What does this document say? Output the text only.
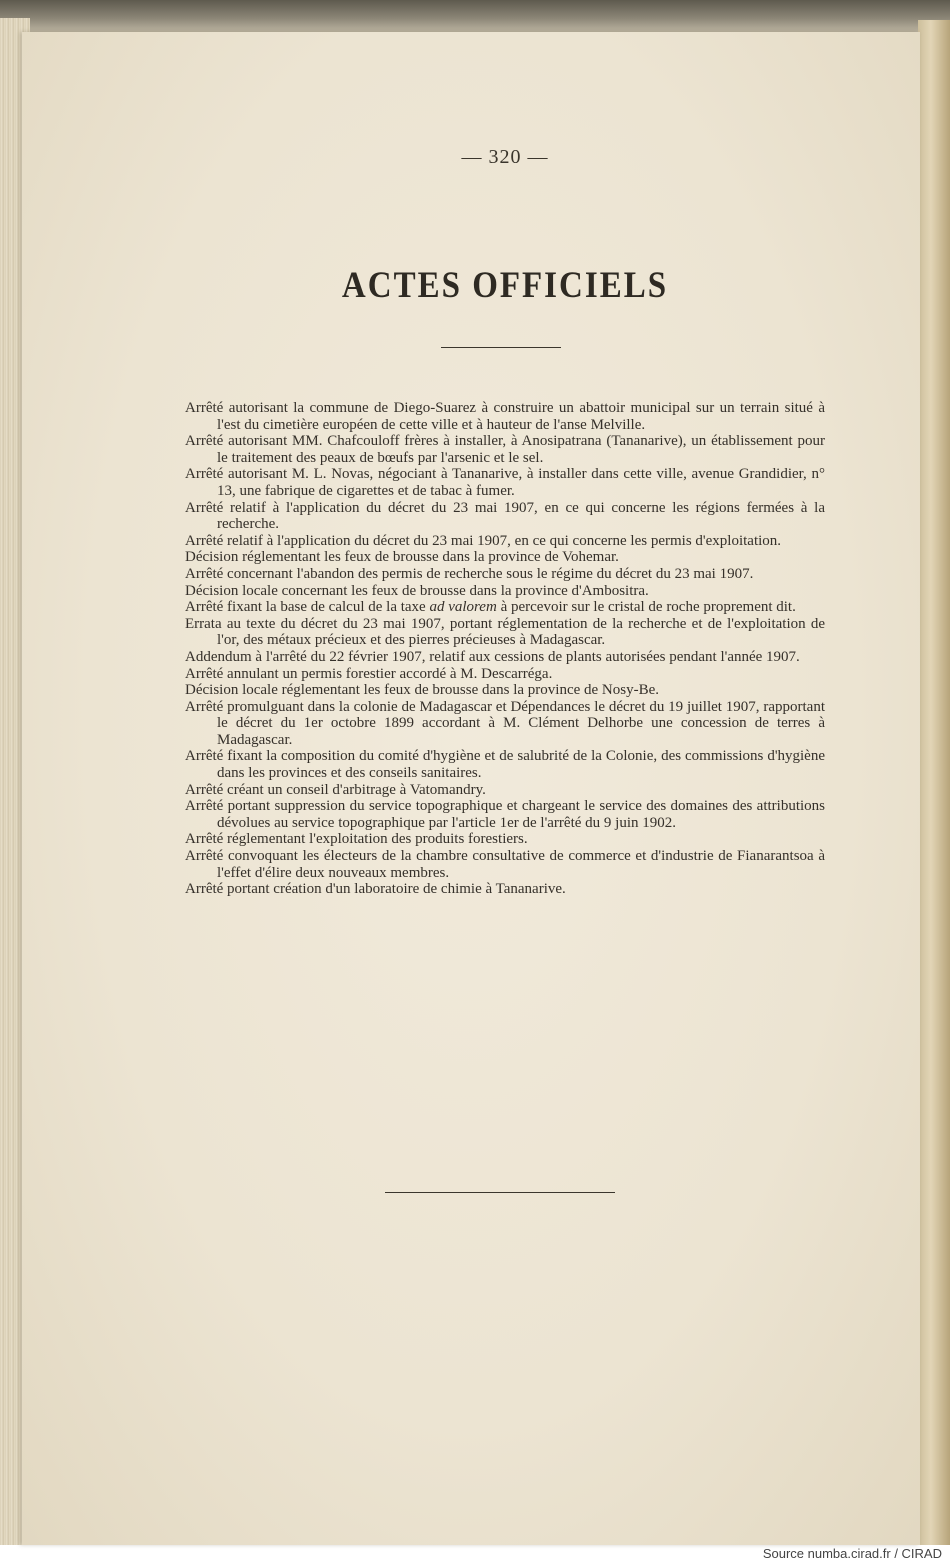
— 320 —
ACTES OFFICIELS
Arrêté autorisant la commune de Diego-Suarez à construire un abattoir municipal sur un terrain situé à l'est du cimetière européen de cette ville et à hauteur de l'anse Melville.
Arrêté autorisant MM. Chafcouloff frères à installer, à Anosipatrana (Tananarive), un établissement pour le traitement des peaux de bœufs par l'arsenic et le sel.
Arrêté autorisant M. L. Novas, négociant à Tananarive, à installer dans cette ville, avenue Grandidier, n° 13, une fabrique de cigarettes et de tabac à fumer.
Arrêté relatif à l'application du décret du 23 mai 1907, en ce qui concerne les régions fermées à la recherche.
Arrêté relatif à l'application du décret du 23 mai 1907, en ce qui concerne les permis d'exploitation.
Décision réglementant les feux de brousse dans la province de Vohemar.
Arrêté concernant l'abandon des permis de recherche sous le régime du décret du 23 mai 1907.
Décision locale concernant les feux de brousse dans la province d'Ambositra.
Arrêté fixant la base de calcul de la taxe ad valorem à percevoir sur le cristal de roche proprement dit.
Errata au texte du décret du 23 mai 1907, portant réglementation de la recherche et de l'exploitation de l'or, des métaux précieux et des pierres précieuses à Madagascar.
Addendum à l'arrêté du 22 février 1907, relatif aux cessions de plants autorisées pendant l'année 1907.
Arrêté annulant un permis forestier accordé à M. Descarréga.
Décision locale réglementant les feux de brousse dans la province de Nosy-Be.
Arrêté promulguant dans la colonie de Madagascar et Dépendances le décret du 19 juillet 1907, rapportant le décret du 1er octobre 1899 accordant à M. Clément Delhorbe une concession de terres à Madagascar.
Arrêté fixant la composition du comité d'hygiène et de salubrité de la Colonie, des commissions d'hygiène dans les provinces et des conseils sanitaires.
Arrêté créant un conseil d'arbitrage à Vatomandry.
Arrêté portant suppression du service topographique et chargeant le service des domaines des attributions dévolues au service topographique par l'article 1er de l'arrêté du 9 juin 1902.
Arrêté réglementant l'exploitation des produits forestiers.
Arrêté convoquant les électeurs de la chambre consultative de commerce et d'industrie de Fianarantsoa à l'effet d'élire deux nouveaux membres.
Arrêté portant création d'un laboratoire de chimie à Tananarive.
Source numba.cirad.fr / CIRAD
